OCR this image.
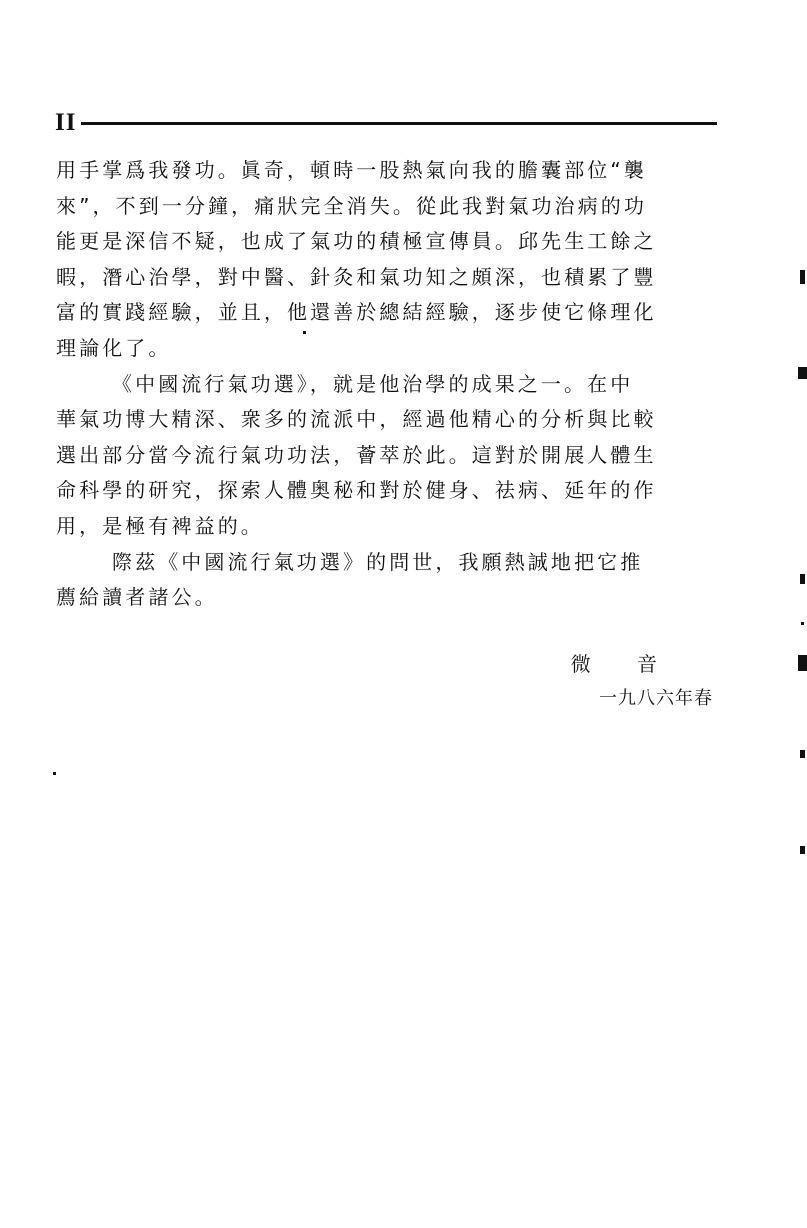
II
用手掌爲我發功。眞奇，頓時一股熱氣向我的膽囊部位“襲
來”，不到一分鐘，痛狀完全消失。從此我對氣功治病的功
能更是深信不疑，也成了氣功的積極宣傳員。邱先生工餘之
暇，潛心治學，對中醫、針灸和氣功知之頗深，也積累了豐
富的實踐經驗，並且，他還善於總結經驗，逐步使它條理化
理論化了。
《中國流行氣功選》，就是他治學的成果之一。在中
華氣功博大精深、衆多的流派中，經過他精心的分析與比較
選出部分當今流行氣功功法，薈萃於此。這對於開展人體生
命科學的研究，探索人體奥秘和對於健身、祛病、延年的作
用，是極有裨益的。
際茲《中國流行氣功選》的問世，我願熱誠地把它推
薦給讀者諸公。
微 音
一九八六年春
